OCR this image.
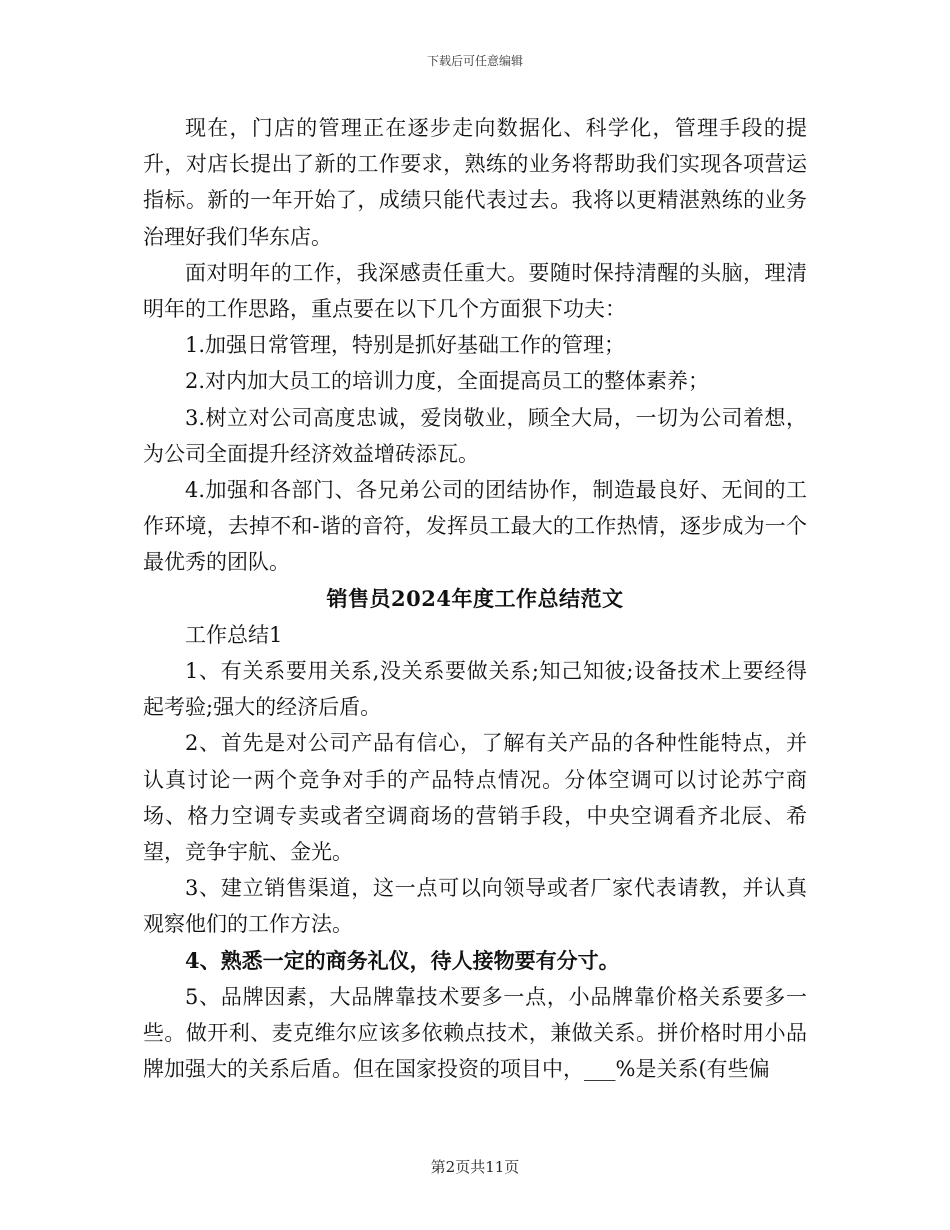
下载后可任意编辑

现在，门店的管理正在逐步走向数据化、科学化，管理手段的提升，对店长提出了新的工作要求，熟练的业务将帮助我们实现各项营运指标。新的一年开始了，成绩只能代表过去。我将以更精湛熟练的业务治理好我们华东店。

面对明年的工作，我深感责任重大。要随时保持清醒的头脑，理清明年的工作思路，重点要在以下几个方面狠下功夫：

1.加强日常管理，特别是抓好基础工作的管理；

2.对内加大员工的培训力度，全面提高员工的整体素养；

3.树立对公司高度忠诚，爱岗敬业，顾全大局，一切为公司着想，为公司全面提升经济效益增砖添瓦。

4.加强和各部门、各兄弟公司的团结协作，制造最良好、无间的工作环境，去掉不和-谐的音符，发挥员工最大的工作热情，逐步成为一个最优秀的团队。

销售员2024年度工作总结范文

工作总结1

1、有关系要用关系,没关系要做关系;知己知彼;设备技术上要经得起考验;强大的经济后盾。

2、首先是对公司产品有信心，了解有关产品的各种性能特点，并认真讨论一两个竞争对手的产品特点情况。分体空调可以讨论苏宁商场、格力空调专卖或者空调商场的营销手段，中央空调看齐北辰、希望，竞争宇航、金光。

3、建立销售渠道，这一点可以向领导或者厂家代表请教，并认真观察他们的工作方法。

4、熟悉一定的商务礼仪，待人接物要有分寸。

5、品牌因素，大品牌靠技术要多一点，小品牌靠价格关系要多一些。做开利、麦克维尔应该多依赖点技术，兼做关系。拼价格时用小品牌加强大的关系后盾。但在国家投资的项目中，___%是关系(有些偏

第2页共11页
